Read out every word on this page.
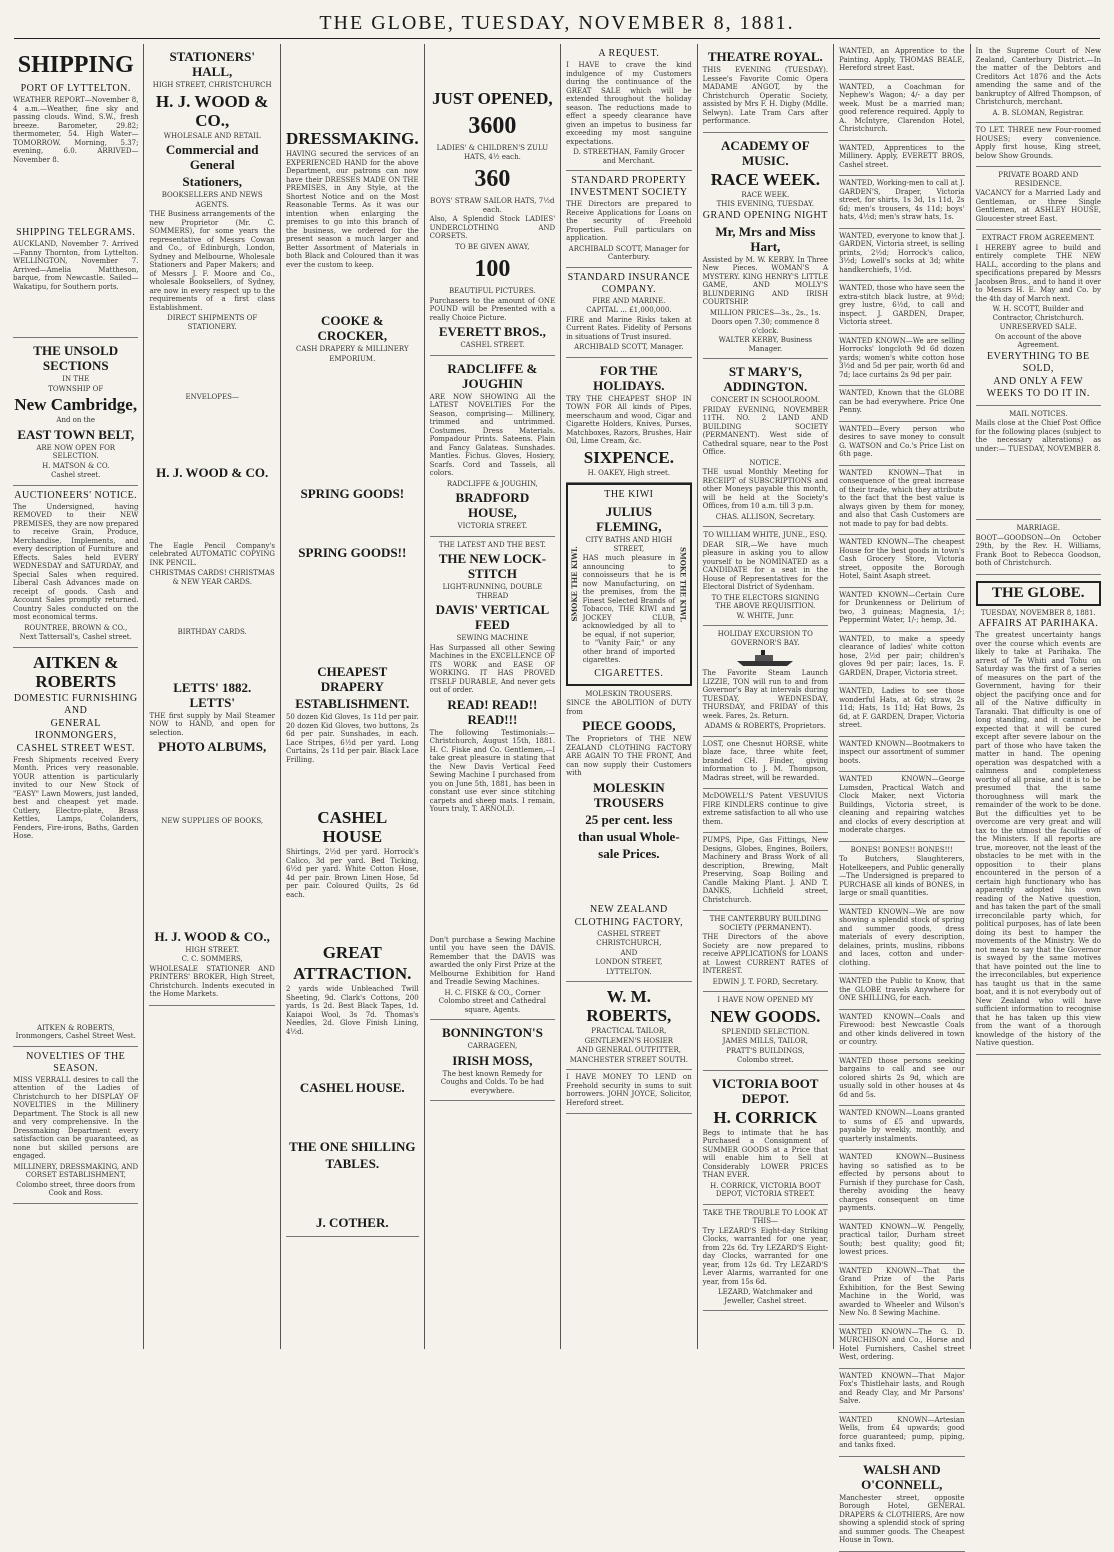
THE GLOBE, TUESDAY, NOVEMBER 8, 1881.
SHIPPING
PORT OF LYTTELTON.
WEATHER REPORT—November 8, 4 a.m.—Weather, fine sky and passing clouds. Wind, S.W., fresh breeze. Barometer, 29.82; thermometer, 54. High Water—TOMORROW. Morning, 5.37; evening, 6.0. ARRIVED—November 8.
SHIPPING TELEGRAMS.
AUCKLAND, November 7. Arrived—Fanny Thornton, from Lyttelton. WELLINGTON, November 7. Arrived—Amelia Mattheson, barque, from Newcastle. Sailed—Wakatipu, for Southern ports.
THE UNSOLD SECTIONS
IN THE
TOWNSHIP OF
New Cambridge,
And on the
EAST TOWN BELT,
ARE NOW OPEN FOR SELECTION.
H. MATSON & CO.
Cashel street.
AUCTIONEERS' NOTICE.
The Undersigned, having REMOVED to their NEW PREMISES, they are now prepared to receive Grain, Produce, Merchandise, Implements, and every description of Furniture and Effects. Sales held EVERY WEDNESDAY and SATURDAY, and Special Sales when required. Liberal Cash Advances made on receipt of goods. Cash and Account Sales promptly returned. Country Sales conducted on the most economical terms.
ROUNTREE, BROWN & CO.,
Next Tattersall's, Cashel street.
AITKEN & ROBERTS
DOMESTIC FURNISHING AND
GENERAL IRONMONGERS,
CASHEL STREET WEST.
Fresh Shipments received Every Month. Prices very reasonable. YOUR attention is particularly invited to our New Stock of "EASY" Lawn Mowers, just landed, best and cheapest yet made. Cutlery, Electro-plate, Brass Kettles, Lamps, Colanders, Fenders, Fire-irons, Baths, Garden Hose.
AITKEN & ROBERTS, Ironmongers, Cashel Street West.
NOVELTIES OF THE SEASON.
MISS VERRALL desires to call the attention of the Ladies of Christchurch to her DISPLAY OF NOVELTIES in the Millinery Department. The Stock is all new and very comprehensive. In the Dressmaking Department every satisfaction can be guaranteed, as none but skilled persons are engaged.
MILLINERY, DRESSMAKING, AND CORSET ESTABLISHMENT,
Colombo street, three doors from Cook and Ross.
STATIONERS' HALL,
HIGH STREET, CHRISTCHURCH
H. J. WOOD & CO.,
WHOLESALE AND RETAIL
Commercial and General
Stationers,
BOOKSELLERS AND NEWS
AGENTS.
THE Business arrangements of the new Proprietor (Mr. C. SOMMERS), for some years the representative of Messrs Cowan and Co., of Edinburgh, London, Sydney and Melbourne, Wholesale Stationers and Paper Makers; and of Messrs J. F. Moore and Co., wholesale Booksellers, of Sydney, are now in every respect up to the requirements of a first class Establishment.
DIRECT SHIPMENTS OF STATIONERY.
ENVELOPES—
H. J. WOOD & CO.
The Eagle Pencil Company's celebrated AUTOMATIC COPYING INK PENCIL.
CHRISTMAS CARDS! CHRISTMAS & NEW YEAR CARDS.
BIRTHDAY CARDS.
LETTS' 1882. LETTS'
THE first supply by Mail Steamer NOW to HAND, and open for selection.
PHOTO ALBUMS,
NEW SUPPLIES OF BOOKS,
H. J. WOOD & CO.,
HIGH STREET.
C. C. SOMMERS,
WHOLESALE STATIONER AND PRINTERS' BROKER, High Street, Christchurch. Indents executed in the Home Markets.
DRESSMAKING.
HAVING secured the services of an EXPERIENCED HAND for the above Department, our patrons can now have their DRESSES MADE ON THE PREMISES, in Any Style, at the Shortest Notice and on the Most Reasonable Terms. As it was our intention when enlarging the premises to go into this branch of the business, we ordered for the present season a much larger and Better Assortment of Materials in both Black and Coloured than it was ever the custom to keep.
COOKE & CROCKER,
CASH DRAPERY & MILLINERY
EMPORIUM.
SPRING GOODS!
SPRING GOODS!!
CHEAPEST DRAPERY
ESTABLISHMENT.
50 dozen Kid Gloves, 1s 11d per pair. 20 dozen Kid Gloves, two buttons, 2s 6d per pair. Sunshades, in each. Lace Stripes, 6½d per yard. Long Curtains, 2s 11d per pair. Black Lace Frilling.
CASHEL HOUSE
Shirtings, 2½d per yard. Horrock's Calico, 3d per yard. Bed Ticking, 6½d per yard. White Cotton Hose, 4d per pair. Brown Linen Hose, 5d per pair. Coloured Quilts, 2s 6d each.
GREAT
ATTRACTION.
2 yards wide Unbleached Twill Sheeting, 9d. Clark's Cottons, 200 yards, 1s 2d. Best Black Tapes, 1d. Kaiapoi Wool, 3s 7d. Thomas's Needles, 2d. Glove Finish Lining, 4½d.
CASHEL HOUSE.
THE ONE SHILLING
TABLES.
J. COTHER.
JUST OPENED,
3600
LADIES' & CHILDREN'S ZULU HATS, 4½ each.
360
BOYS' STRAW SAILOR HATS, 7½d each.
Also, A Splendid Stock LADIES' UNDERCLOTHING AND CORSETS.
TO BE GIVEN AWAY,
100
BEAUTIFUL PICTURES.
Purchasers to the amount of ONE POUND will be Presented with a really Choice Picture.
EVERETT BROS.,
CASHEL STREET.
RADCLIFFE & JOUGHIN
ARE NOW SHOWING All the LATEST NOVELTIES For the Season, comprising— Millinery, trimmed and untrimmed. Costumes. Dress Materials. Pompadour Prints. Sateens. Plain and Fancy Galateas. Sunshades. Mantles. Fichus. Gloves, Hosiery, Scarfs. Cord and Tassels, all colors.
RADCLIFFE & JOUGHIN,
BRADFORD HOUSE,
VICTORIA STREET.
THE LATEST AND THE BEST.
THE NEW LOCK-STITCH
LIGHT-RUNNING, DOUBLE THREAD
DAVIS' VERTICAL FEED
SEWING MACHINE
Has Surpassed all other Sewing Machines in the EXCELLENCE OF ITS WORK and EASE OF WORKING. IT HAS PROVED ITSELF DURABLE, And never gets out of order.
READ! READ!! READ!!!
The following Testimonials:— Christchurch, August 15th, 1881. H. C. Fiske and Co. Gentlemen,—I take great pleasure in stating that the New Davis Vertical Feed Sewing Machine I purchased from you on June 5th, 1881, has been in constant use ever since stitching carpets and sheep mats. I remain, Yours truly, T. ARNOLD.
Don't purchase a Sewing Machine until you have seen the DAVIS. Remember that the DAVIS was awarded the only First Prize at the Melbourne Exhibition for Hand and Treadle Sewing Machines.
H. C. FISKE & CO., Corner Colombo street and Cathedral square, Agents.
BONNINGTON'S
CARRAGEEN,
IRISH MOSS,
The best known Remedy for Coughs and Colds. To be had everywhere.
A REQUEST.
I HAVE to crave the kind indulgence of my Customers during the continuance of the GREAT SALE which will be extended throughout the holiday season. The reductions made to effect a speedy clearance have given an impetus to business far exceeding my most sanguine expectations.
D. STREETHAN, Family Grocer and Merchant.
STANDARD PROPERTY INVESTMENT SOCIETY
THE Directors are prepared to Receive Applications for Loans on the security of Freehold Properties. Full particulars on application.
ARCHIBALD SCOTT, Manager for Canterbury.
STANDARD INSURANCE COMPANY.
FIRE AND MARINE.
CAPITAL ... £1,000,000.
FIRE and Marine Risks taken at Current Rates. Fidelity of Persons in situations of Trust insured.
ARCHIBALD SCOTT, Manager.
FOR THE HOLIDAYS.
TRY THE CHEAPEST SHOP IN TOWN FOR All kinds of Pipes, meerschaum and wood, Cigar and Cigarette Holders, Knives, Purses, Matchboxes, Razors, Brushes, Hair Oil, Lime Cream, &c.
SIXPENCE.
H. OAKEY, High street.
THE KIWI
SMOKE THE KIWI.
JULIUS FLEMING,
CITY BATHS AND HIGH STREET,
HAS much pleasure in announcing to connoisseurs that he is now Manufacturing, on the premises, from the Finest Selected Brands of Tobacco, THE KIWI and JOCKEY CLUB, acknowledged by all to be equal, if not superior, to "Vanity Fair," or any other brand of imported cigarettes.
SMOKE THE KIWI.
CIGARETTES.
MOLESKIN TROUSERS.
SINCE the ABOLITION of DUTY from
PIECE GOODS,
The Proprietors of THE NEW ZEALAND CLOTHING FACTORY ARE AGAIN TO THE FRONT, And can now supply their Customers with
MOLESKIN TROUSERS
25 per cent. less
than usual Whole-
sale Prices.
NEW ZEALAND
CLOTHING FACTORY,
CASHEL STREET
CHRISTCHURCH,
AND
LONDON STREET,
LYTTELTON.
W. M. ROBERTS,
PRACTICAL TAILOR,
GENTLEMEN'S HOSIER
AND GENERAL OUTFITTER,
MANCHESTER STREET SOUTH.
I HAVE MONEY TO LEND on Freehold security in sums to suit borrowers. JOHN JOYCE, Solicitor, Hereford street.
THEATRE ROYAL.
THIS EVENING (TUESDAY). Lessee's Favorite Comic Opera MADAME ANGOT, by the Christchurch Operatic Society, assisted by Mrs F. H. Digby (Mdlle. Selwyn). Late Tram Cars after performance.
ACADEMY OF MUSIC.
RACE WEEK.
RACE WEEK.
THIS EVENING, TUESDAY.
GRAND OPENING NIGHT
Mr, Mrs and Miss Hart,
Assisted by M. W. KERBY. In Three New Pieces. WOMAN'S A MYSTERY. KING HENRY'S LITTLE GAME, AND MOLLY'S BLUNDERING AND IRISH COURTSHIP.
MILLION PRICES—3s., 2s., 1s.
Doors open 7.30; commence 8 o'clock.
WALTER KERBY, Business Manager.
ST MARY'S, ADDINGTON.
CONCERT IN SCHOOLROOM.
FRIDAY EVENING, NOVEMBER 11TH. NO. 2 LAND AND BUILDING SOCIETY (PERMANENT). West side of Cathedral square, near to the Post Office.
NOTICE.
THE usual Monthly Meeting for RECEIPT of SUBSCRIPTIONS and other Moneys payable this month, will be held at the Society's Offices, from 10 a.m. till 3 p.m.
CHAS. ALLISON, Secretary.
TO WILLIAM WHITE, JUNE., ESQ.
DEAR SIR,—We have much pleasure in asking you to allow yourself to be NOMINATED as a CANDIDATE for a seat in the House of Representatives for the Electoral District of Sydenham.
TO THE ELECTORS SIGNING THE ABOVE REQUISITION.
W. WHITE, Junr.
HOLIDAY EXCURSION TO GOVERNOR'S BAY.
The Favorite Steam Launch LIZZIE, TON will run to and from Governor's Bay at intervals during TUESDAY, WEDNESDAY, THURSDAY, and FRIDAY of this week. Fares, 2s. Return.
ADAMS & ROBERTS, Proprietors.
LOST, one Chesnut HORSE, white blaze face, three white feet, branded CH. Finder, giving information to J. M. Thompson, Madras street, will be rewarded.
McDOWELL'S Patent VESUVIUS FIRE KINDLERS continue to give extreme satisfaction to all who use them.
PUMPS, Pipe, Gas Fittings, New Designs, Globes, Engines, Boilers, Machinery and Brass Work of all description, Brewing, Malt Preserving, Soap Boiling and Candle Making Plant. J. AND T. DANKS, Lichfield street, Christchurch.
THE CANTERBURY BUILDING SOCIETY (PERMANENT).
THE Directors of the above Society are now prepared to receive APPLICATIONS for LOANS at Lowest CURRENT RATES of INTEREST.
EDWIN J. T. FORD, Secretary.
I HAVE NOW OPENED MY
NEW GOODS.
SPLENDID SELECTION.
JAMES MILLS, TAILOR,
PRATT'S BUILDINGS,
Colombo street.
VICTORIA BOOT DEPOT.
H. CORRICK
Begs to intimate that he has Purchased a Consignment of SUMMER GOODS at a Price that will enable him to Sell at Considerably LOWER PRICES THAN EVER.
H. CORRICK, VICTORIA BOOT DEPOT, VICTORIA STREET.
TAKE THE TROUBLE TO LOOK AT THIS—
Try LEZARD'S Eight-day Striking Clocks, warranted for one year, from 22s 6d. Try LEZARD'S Eight-day Clocks, warranted for one year, from 12s 6d. Try LEZARD'S Lever Alarms, warranted for one year, from 15s 6d.
LEZARD, Watchmaker and Jeweller, Cashel street.
WANTED, an Apprentice to the Painting. Apply, THOMAS BEALE, Hereford street East.
WANTED, a Coachman for Nephew's Wagon; 4/- a day per week. Must be a married man; good reference required. Apply to A. McIntyre, Clarendon Hotel, Christchurch.
WANTED, Apprentices to the Millinery. Apply, EVERETT BROS, Cashel street.
WANTED, Working-men to call at J. GARDEN'S, Draper, Victoria street, for shirts, 1s 3d, 1s 11d, 2s 6d; men's trousers, 4s 11d; boys' hats, 4½d; men's straw hats, 1s.
WANTED, everyone to know that J. GARDEN, Victoria street, is selling prints, 2½d; Horrock's calico, 3½d; Lowell's socks at 3d; white handkerchiefs, 1½d.
WANTED, those who have seen the extra-stitch black lustre, at 9½d; grey lustre, 6½d, to call and inspect. J. GARDEN, Draper, Victoria street.
WANTED KNOWN—We are selling Horrocks' longcloth 9d 6d dozen yards; women's white cotton hose 3½d and 5d per pair, worth 6d and 7d; lace curtains 2s 9d per pair.
WANTED, Known that the GLOBE can be had everywhere. Price One Penny.
WANTED—Every person who desires to save money to consult G. WATSON and Co.'s Price List on 6th page.
WANTED KNOWN—That in consequence of the great increase of their trade, which they attribute to the fact that the best value is always given by them for money, and also that Cash Customers are not made to pay for bad debts.
WANTED KNOWN—The cheapest House for the best goods in town's Cash Grocery Store, Victoria street, opposite the Borough Hotel, Saint Asaph street.
WANTED KNOWN—Certain Cure for Drunkenness or Delirium of two, 3 guineas; Magnesia, 1/-; Peppermint Water, 1/-; hemp, 3d.
WANTED, to make a speedy clearance of ladies' white cotton hose, 2½d per pair; children's gloves 9d per pair; laces, 1s. F. GARDEN, Draper, Victoria street.
WANTED, Ladies to see those wonderful Hats, at 6d; straw, 2s 11d; Hats, 1s 11d; Hat Bows, 2s 6d, at F. GARDEN, Draper, Victoria street.
WANTED KNOWN—Bootmakers to inspect our assortment of summer boots.
WANTED KNOWN—George Lumsden, Practical Watch and Clock Maker, next Victoria Buildings, Victoria street, is cleaning and repairing watches and clocks of every description at moderate charges.
BONES! BONES!! BONES!!!
To Butchers, Slaughterers, Hotelkeepers, and Public generally—The Undersigned is prepared to PURCHASE all kinds of BONES, in large or small quantities.
WANTED KNOWN—We are now showing a splendid stock of spring and summer goods, dress materials of every description, delaines, prints, muslins, ribbons and laces, cotton and under-clothing.
WANTED the Public to Know, that the GLOBE travels Anywhere for ONE SHILLING, for each.
WANTED KNOWN—Coals and Firewood: best Newcastle Coals and other kinds delivered in town or country.
WANTED those persons seeking bargains to call and see our colored shirts 2s 9d, which are usually sold in other houses at 4s 6d and 5s.
WANTED KNOWN—Loans granted to sums of £5 and upwards, payable by weekly, monthly, and quarterly instalments.
WANTED KNOWN—Business having so satisfied as to be effected by persons about to Furnish if they purchase for Cash, thereby avoiding the heavy charges consequent on time payments.
WANTED KNOWN—W. Pengelly, practical tailor, Durham street South; best quality; good fit; lowest prices.
WANTED KNOWN—That the Grand Prize of the Paris Exhibition, for the Best Sewing Machine in the World, was awarded to Wheeler and Wilson's New No. 8 Sewing Machine.
WANTED KNOWN—The G. D. MURCHISON and Co., Horse and Hotel Furnishers, Cashel street West, ordering.
WANTED KNOWN—That Major Fox's Thistlehair lasts, and Rough and Ready Clay, and Mr Parsons' Salve.
WANTED KNOWN—Artesian Wells, from £4 upwards; good force guaranteed; pump, piping, and tanks fixed.
WALSH AND O'CONNELL,
Manchester street, opposite Borough Hotel, GENERAL DRAPERS & CLOTHIERS, Are now showing a splendid stock of spring and summer goods. The Cheapest House in Town.
In the Supreme Court of New Zealand, Canterbury District.—In the matter of the Debtors and Creditors Act 1876 and the Acts amending the same and of the bankruptcy of Alfred Thompson, of Christchurch, merchant.
A. B. SLOMAN, Registrar.
TO LET. THREE new Four-roomed HOUSES; every convenience. Apply first house, King street, below Show Grounds.
PRIVATE BOARD AND RESIDENCE.
VACANCY for a Married Lady and Gentleman, or three Single Gentlemen, at ASHLEY HOUSE, Gloucester street East.
EXTRACT FROM AGREEMENT.
I HEREBY agree to build and entirely complete THE NEW HALL, according to the plans and specifications prepared by Messrs Jacobsen Bros., and to hand it over to Messrs H. E. May and Co. by the 4th day of March next.
W. H. SCOTT, Builder and Contractor, Christchurch.
UNRESERVED SALE.
On account of the above Agreement.
EVERYTHING TO BE SOLD,
AND ONLY A FEW WEEKS TO DO IT IN.
MAIL NOTICES.
Mails close at the Chief Post Office for the following places (subject to the necessary alterations) as under:— TUESDAY, NOVEMBER 8.
MARRIAGE.
BOOT—GOODSON—On October 29th, by the Rev. H. Williams, Frank Boot to Rebecca Goodson, both of Christchurch.
THE GLOBE.
TUESDAY, NOVEMBER 8, 1881.
AFFAIRS AT PARIHAKA.
The greatest uncertainty hangs over the course which events are likely to take at Parihaka. The arrest of Te Whiti and Tohu on Saturday was the first of a series of measures on the part of the Government, having for their object the pacifying once and for all of the Native difficulty in Taranaki. That difficulty is one of long standing, and it cannot be expected that it will be cured except after severe labour on the part of those who have taken the matter in hand. The opening operation was despatched with a calmness and completeness worthy of all praise, and it is to be presumed that the same thoroughness will mark the remainder of the work to be done. But the difficulties yet to be overcome are very great and will tax to the utmost the faculties of the Ministers. If all reports are true, moreover, not the least of the obstacles to be met with in the opposition to their plans encountered in the person of a certain high functionary who has apparently adopted his own reading of the Native question, and has taken the part of the small irreconcilable party which, for political purposes, has of late been doing its best to hamper the movements of the Ministry. We do not mean to say that the Governor is swayed by the same motives that have pointed out the line to the irreconcilables, but experience has taught us that in the same boat, and it is not everybody out of New Zealand who will have sufficient information to recognise that he has taken up this view from the want of a thorough knowledge of the history of the Native question.
